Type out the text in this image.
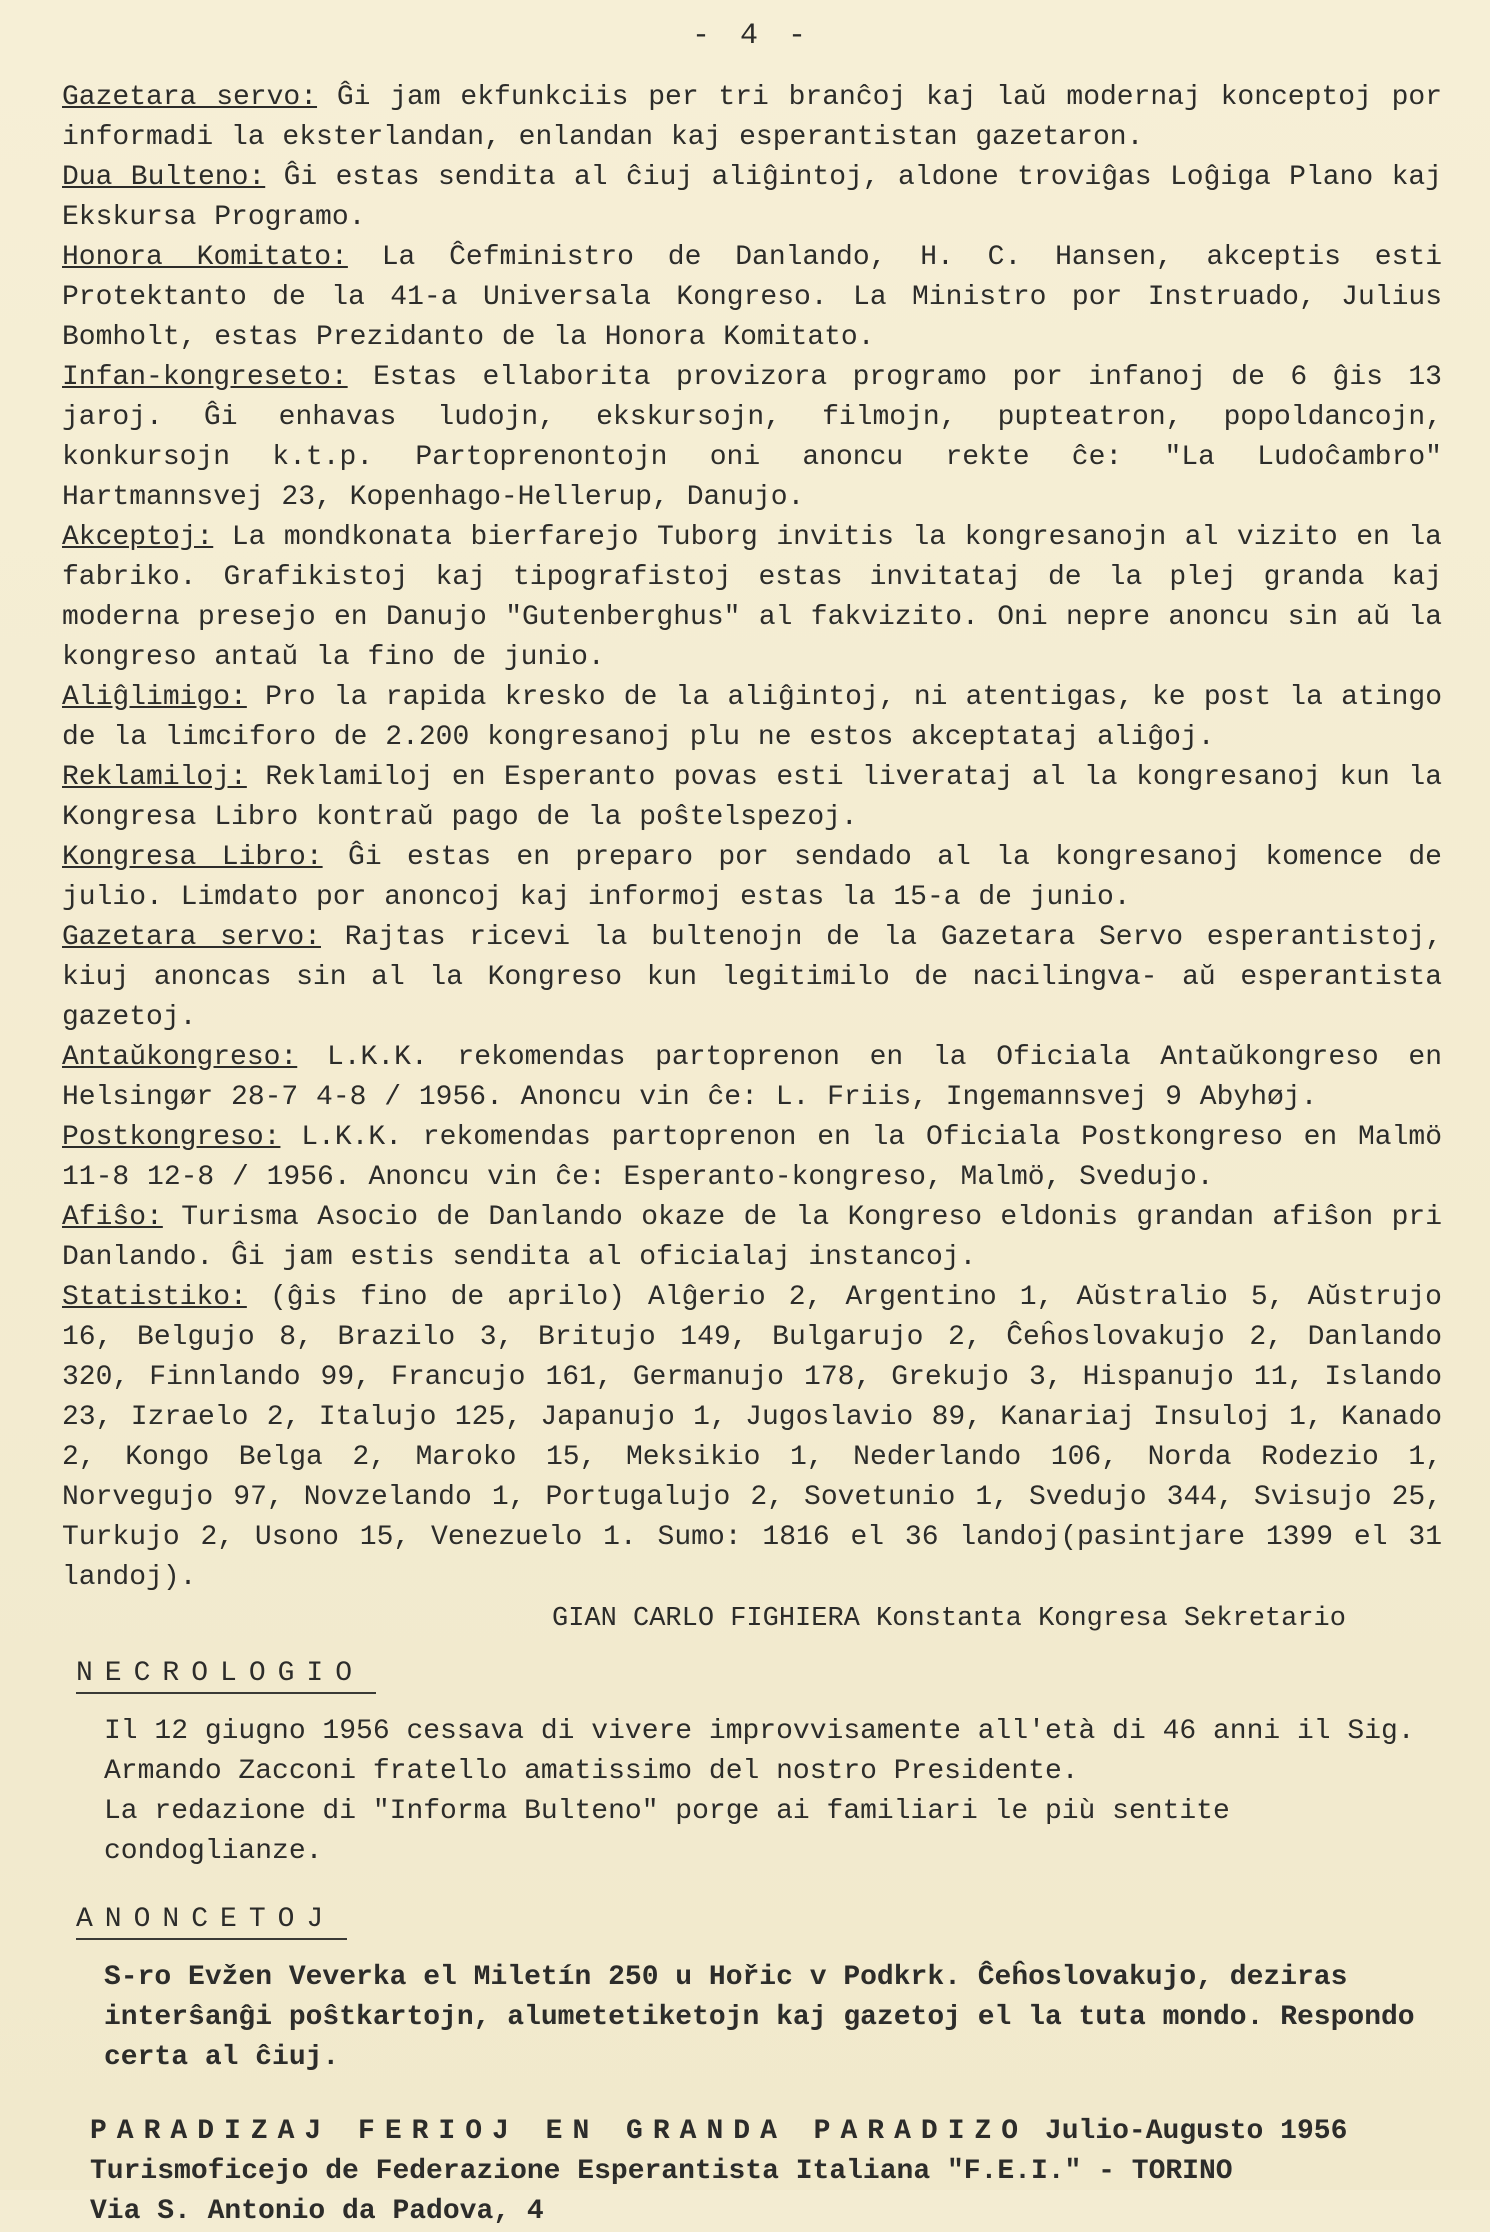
- 4 -
Gazetara servo: Ĝi jam ekfunkciis per tri branĉoj kaj laŭ modernaj konceptoj por informadi la eksterlandan, enlandan kaj esperantistan gazetaron.
Dua Bulteno: Ĝi estas sendita al ĉiuj aliĝintoj, aldone troviĝas Loĝiga Plano kaj Ekskursa Programo.
Honora Komitato: La Ĉefministro de Danlando, H. C. Hansen, akceptis esti Protektanto de la 41-a Universala Kongreso. La Ministro por Instruado, Julius Bomholt, estas Prezidanto de la Honora Komitato.
Infan-kongreseto: Estas ellaborita provizora programo por infanoj de 6 ĝis 13 jaroj. Ĝi enhavas ludojn, ekskursojn, filmojn, pupteatron, popoldancojn, konkursojn k.t.p. Partoprenontojn oni anoncu rekte ĉe: "La Ludoĉambro" Hartmannsvej 23, Kopenhago-Hellerup, Danujo.
Akceptoj: La mondkonata bierfarejo Tuborg invitis la kongresanojn al vizito en la fabriko. Grafikistoj kaj tipografistoj estas invitataj de la plej granda kaj moderna presejo en Danujo "Gutenberghus" al fakvizito. Oni nepre anoncu sin aŭ la kongreso antaŭ la fino de junio.
Aliĝlimigo: Pro la rapida kresko de la aliĝintoj, ni atentigas, ke post la atingo de la limciforo de 2.200 kongresanoj plu ne estos akceptataj aliĝoj.
Reklamiloj: Reklamiloj en Esperanto povas esti liverataj al la kongresanoj kun la Kongresa Libro kontraŭ pago de la poŝtelspezoj.
Kongresa Libro: Ĝi estas en preparo por sendado al la kongresanoj komence de julio. Limdato por anoncoj kaj informoj estas la 15-a de junio.
Gazetara servo: Rajtas ricevi la bultenojn de la Gazetara Servo esperantistoj, kiuj anoncas sin al la Kongreso kun legitimilo de nacilingva- aŭ esperantista gazetoj.
Antaŭkongreso: L.K.K. rekomendas partoprenon en la Oficiala Antaŭkongreso en Helsingør 28-7 4-8 / 1956. Anoncu vin ĉe: L. Friis, Ingemannsvej 9 Abyhøj.
Postkongreso: L.K.K. rekomendas partoprenon en la Oficiala Postkongreso en Malmö 11-8 12-8 / 1956. Anoncu vin ĉe: Esperanto-kongreso, Malmö, Svedujo.
Afiŝo: Turisma Asocio de Danlando okaze de la Kongreso eldonis grandan afiŝon pri Danlando. Ĝi jam estis sendita al oficialaj instancoj.
Statistiko: (ĝis fino de aprilo) Alĝerio 2, Argentino 1, Aŭstralio 5, Aŭstrujo 16, Belgujo 8, Brazilo 3, Britujo 149, Bulgarujo 2, Ĉeĥoslovakujo 2, Danlando 320, Finnlando 99, Francujo 161, Germanujo 178, Grekujo 3, Hispanujo 11, Islando 23, Izraelo 2, Italujo 125, Japanujo 1, Jugoslavio 89, Kanariaj Insuloj 1, Kanado 2, Kongo Belga 2, Maroko 15, Meksikio 1, Nederlando 106, Norda Rodezio 1, Norvegujo 97, Novzelando 1, Portugalujo 2, Sovetunio 1, Svedujo 344, Svisujo 25, Turkujo 2, Usono 15, Venezuelo 1. Sumo: 1816 el 36 landoj(pasintjare 1399 el 31 landoj).
GIAN CARLO FIGHIERA Konstanta Kongresa Sekretario
NECROLOGIO
Il 12 giugno 1956 cessava di vivere improvvisamente all'età di 46 anni il Sig. Armando Zacconi fratello amatissimo del nostro Presidente.
La redazione di "Informa Bulteno" porge ai familiari le più sentite condoglianze.
ANONCETOJ
S-ro Evžen Veverka el Miletín 250 u Hořic v Podkrk. Ĉeĥoslovakujo, deziras interŝanĝi poŝtkartojn, alumetetiketojn kaj gazetoj el la tuta mondo. Respondo certa al ĉiuj.
PARADIZAJ FERIOJ EN GRANDA PARADIZO Julio-Augusto 1956
Turismoficejo de Federazione Esperantista Italiana "F.E.I." - TORINO
Via S. Antonio da Padova, 4
